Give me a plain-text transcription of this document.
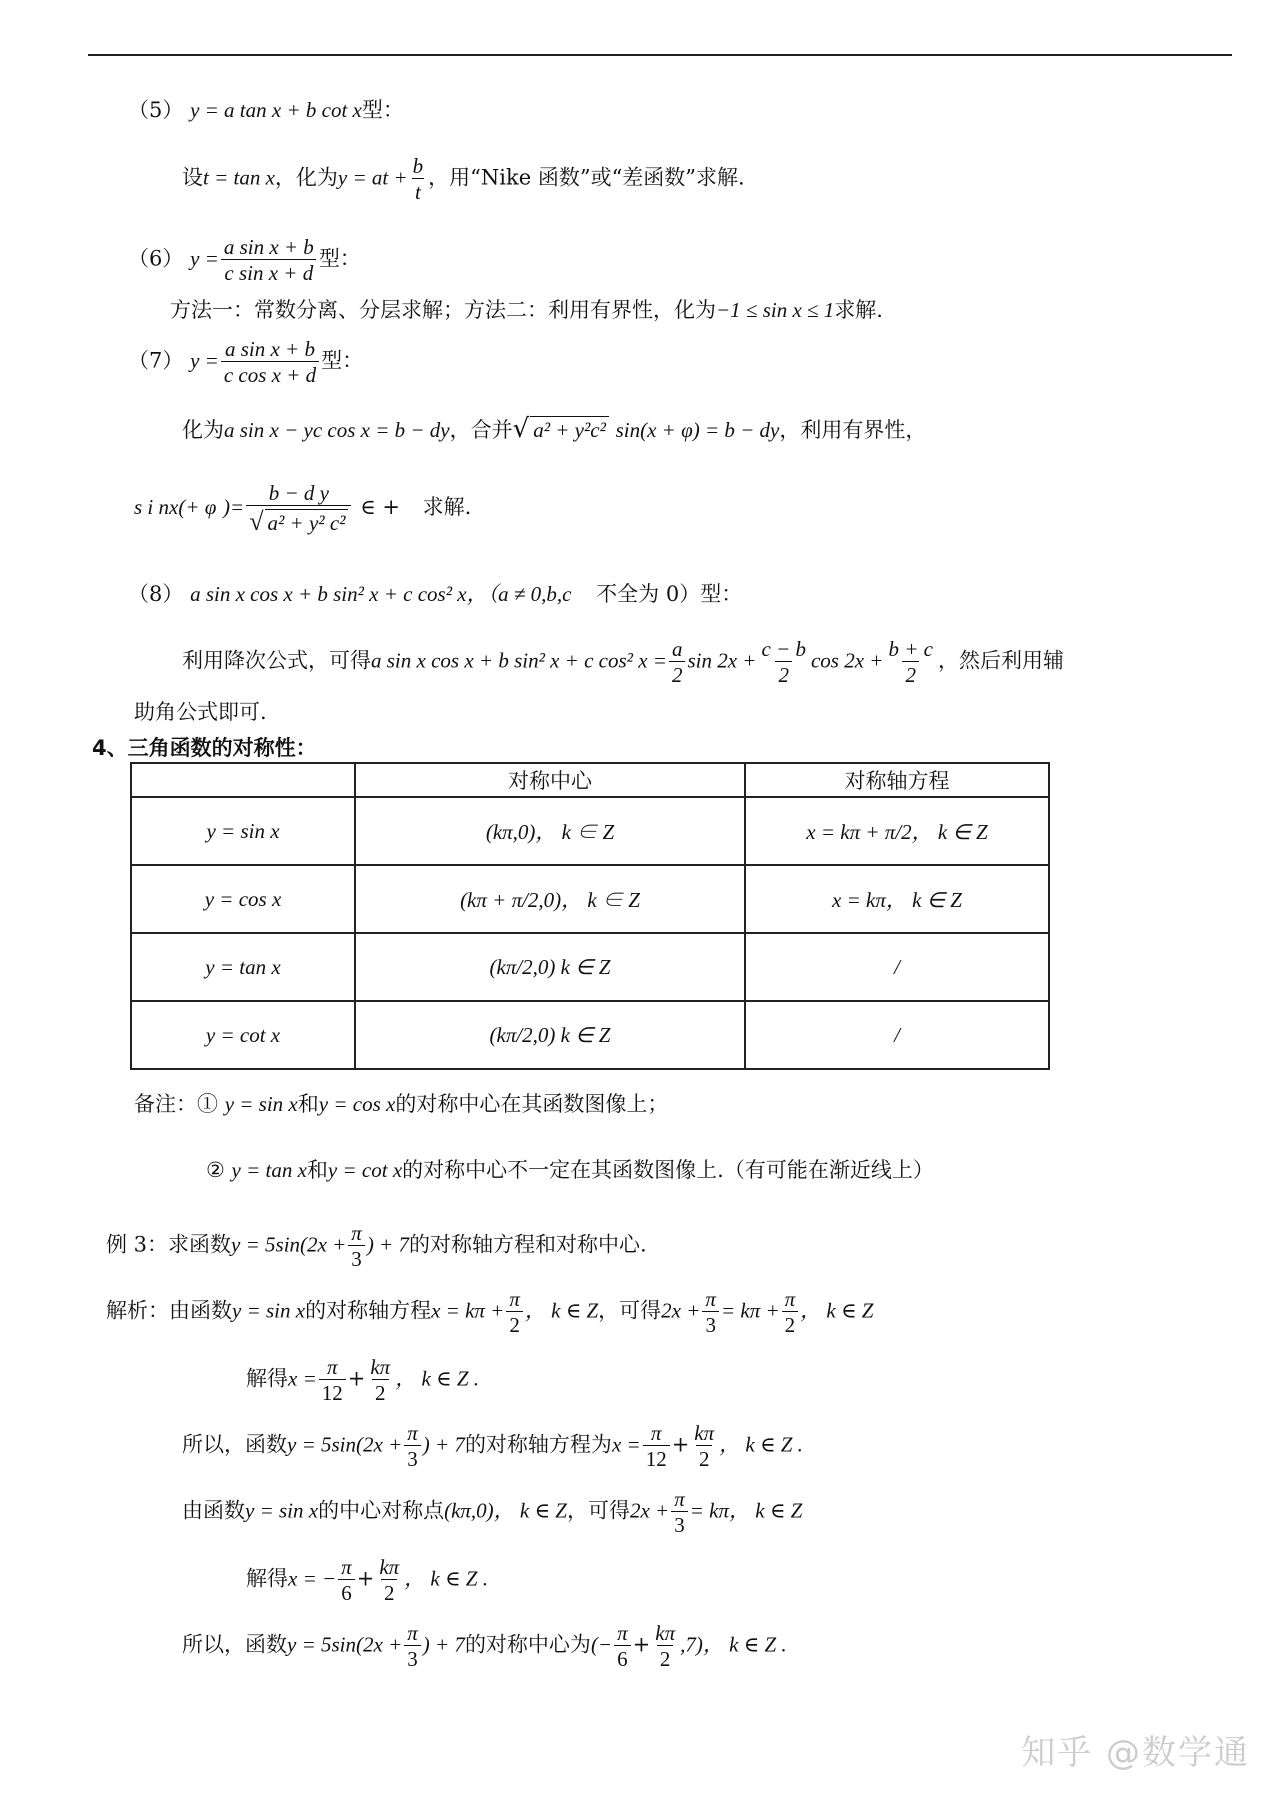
（5） y = a tan x + b cot x型：
设t = tan x，化为y = at + $\frac{b}{t}$ ，用“Nike 函数”或“差函数”求解.
（6） $y = \frac{\text{a sin x + b}}{\text{c sin x + d}}$ 型：
方法一：常数分离、分层求解；方法二：利用有界性，化为−1 ≤ sin x ≤ 1求解.
（7） $y = \frac{\text{a sin x + b}}{\text{c cos x + d}}$ 型：
化为a sin x − yc cos x = b − dy，合并√ a² + y²c² sin(x + φ) = b − dy，利用有界性，
s i nx(+ φ )= $\frac{\text{b − d y}}{\text{√ a² + y² c²}}$ ∈ + 求解.
（8） a sin x cos x + b sin² x + c cos² x，（a ≠ 0,b,c 不全为 0）型：
利用降次公式，可得a sin x cos x + b sin² x + c cos² $x = \frac{a}{2}$ $\sin 2x + \frac{c - b}{2}$ $\cos 2x + \frac{b + c}{2}$ ，然后利用辅
助角公式即可.
4、三角函数的对称性：
	对称中心	对称轴方程
y = sin x	(kπ,0)， k ∈ Z	x = kπ + π/2， k ∈ Z
y = cos x	(kπ + π/2,0)， k ∈ Z	x = kπ， k ∈ Z
y = tan x	(kπ/2,0) k ∈ Z	/
y = cot x	(kπ/2,0) k ∈ Z	/
备注：① y = sin x和y = cos x的对称中心在其函数图像上；
② y = tan x和y = cot x的对称中心不一定在其函数图像上.（有可能在渐近线上）
例 3：求函数$y = 5\sin(2x + \frac{\pi}{3}$ ) + 7的对称轴方程和对称中心.
解析：由函数y = sin x的对称轴方程$x = k\pi + \frac{\pi}{2}$ ， k ∈ Z，可得$2x + \frac{\pi}{3} = k\pi + \frac{\pi}{2}$ ， k ∈ Z
解得$x = \frac{\pi}{12} + \frac{k\pi}{2}$ ， k ∈ Z .
所以，函数$y = 5\sin(2x + \frac{\pi}{3}$ ) + 7的对称轴方程为$x = \frac{\pi}{12} + \frac{k\pi}{2}$ ， k ∈ Z .
由函数y = sin x的中心对称点(kπ,0)， k ∈ Z，可得$2x + \frac{\pi}{3} = k\pi$， k ∈ Z
解得x = − $\frac{\pi}{6} + \frac{k\pi}{2}$ ， k ∈ Z .
所以，函数$y = 5\sin(2x + \frac{\pi}{3}$ ) + 7的对称中心为(− $\frac{\pi}{6} + \frac{k\pi}{2} ,7$)， k ∈ Z .
知乎 @数学通
